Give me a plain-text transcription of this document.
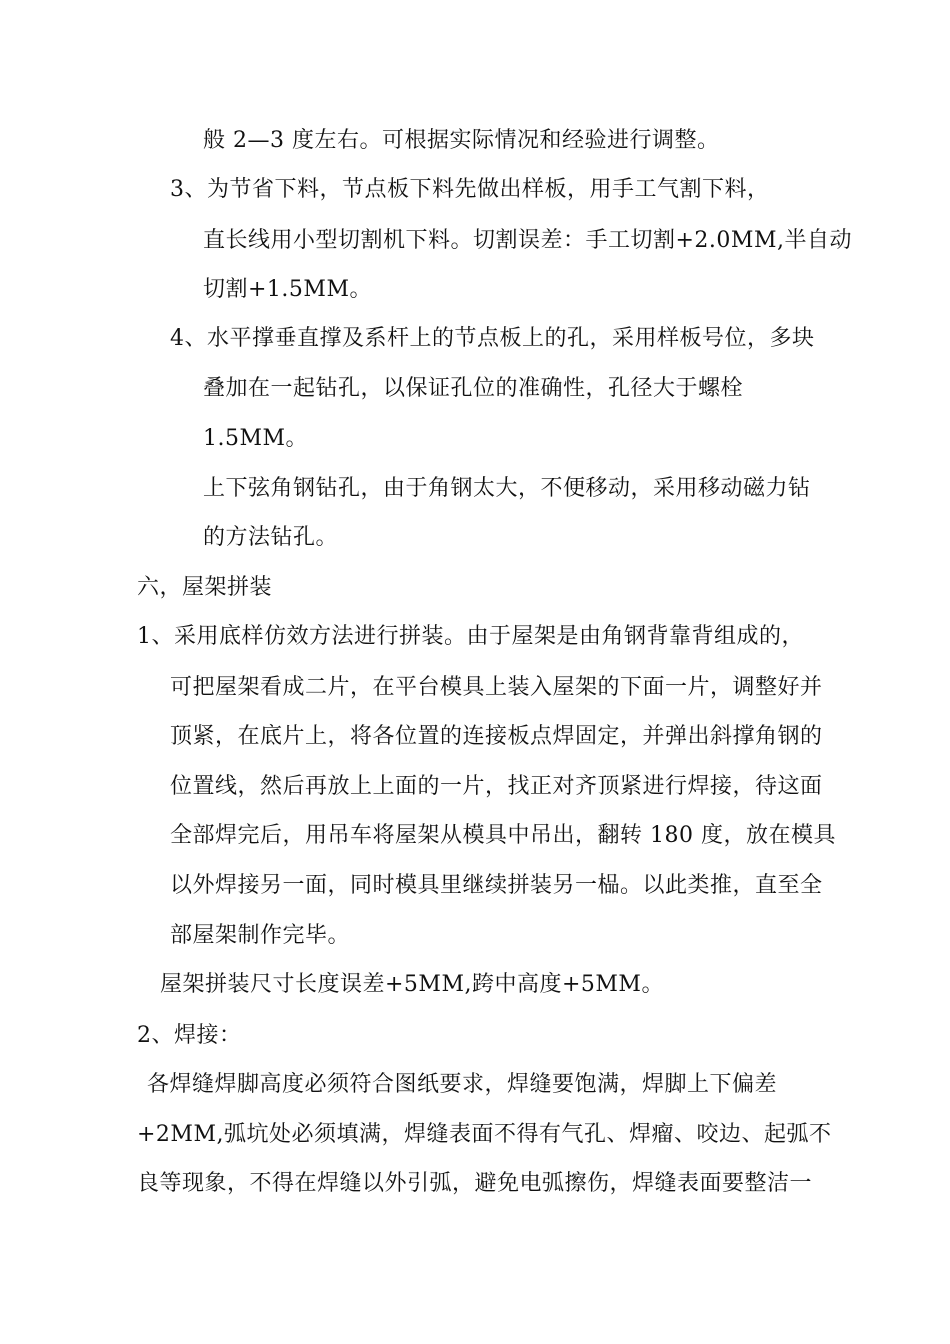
般 2—3 度左右。可根据实际情况和经验进行调整。
3、为节省下料，节点板下料先做出样板，用手工气割下料，
直长线用小型切割机下料。切割误差：手工切割+2.0MM,半自动
切割+1.5MM。
4、水平撑垂直撑及系杆上的节点板上的孔，采用样板号位，多块
叠加在一起钻孔，以保证孔位的准确性，孔径大于螺栓
1.5MM。
上下弦角钢钻孔，由于角钢太大，不便移动，采用移动磁力钻
的方法钻孔。
六，屋架拼装
1、采用底样仿效方法进行拼装。由于屋架是由角钢背靠背组成的，
可把屋架看成二片，在平台模具上装入屋架的下面一片，调整好并
顶紧，在底片上，将各位置的连接板点焊固定，并弹出斜撑角钢的
位置线，然后再放上上面的一片，找正对齐顶紧进行焊接，待这面
全部焊完后，用吊车将屋架从模具中吊出，翻转 180 度，放在模具
以外焊接另一面，同时模具里继续拼装另一榀。以此类推，直至全
部屋架制作完毕。
屋架拼装尺寸长度误差+5MM,跨中高度+5MM。
2、焊接：
各焊缝焊脚高度必须符合图纸要求，焊缝要饱满，焊脚上下偏差
+2MM,弧坑处必须填满，焊缝表面不得有气孔、焊瘤、咬边、起弧不
良等现象，不得在焊缝以外引弧，避免电弧擦伤，焊缝表面要整洁一
